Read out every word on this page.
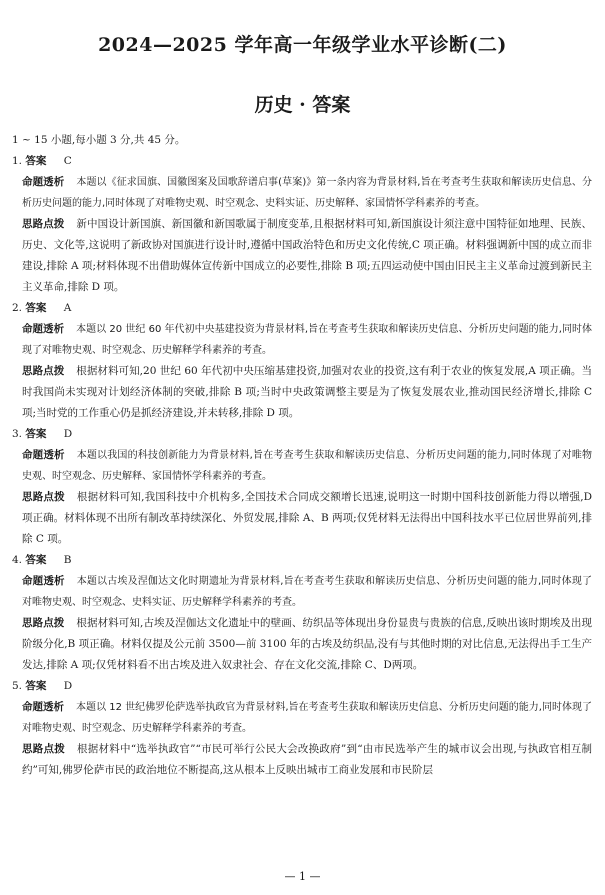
2024—2025 学年高一年级学业水平诊断(二)
历史 · 答案

1 ~ 15 小题,每小题 3 分,共 45 分。

1. 答案 C

命题透析 本题以《征求国旗、国徽图案及国歌辞谱启事(草案)》第一条内容为背景材料,旨在考查考生获取和解读历史信息、分析历史问题的能力,同时体现了对唯物史观、时空观念、史料实证、历史解释、家国情怀学科素养的考查。

思路点拨 新中国设计新国旗、新国徽和新国歌属于制度变革,且根据材料可知,新国旗设计须注意中国特征如地理、民族、历史、文化等,这说明了新政协对国旗进行设计时,遵循中国政治特色和历史文化传统,C 项正确。材料强调新中国的成立而非建设,排除 A 项;材料体现不出借助媒体宣传新中国成立的必要性,排除 B 项;五四运动使中国由旧民主主义革命过渡到新民主主义革命,排除 D 项。

2. 答案 A

命题透析 本题以 20 世纪 60 年代初中央基建投资为背景材料,旨在考查考生获取和解读历史信息、分析历史问题的能力,同时体现了对唯物史观、时空观念、历史解释学科素养的考查。

思路点拨 根据材料可知,20 世纪 60 年代初中央压缩基建投资,加强对农业的投资,这有利于农业的恢复发展,A 项正确。当时我国尚未实现对计划经济体制的突破,排除 B 项;当时中央政策调整主要是为了恢复发展农业,推动国民经济增长,排除 C 项;当时党的工作重心仍是抓经济建设,并未转移,排除 D 项。

3. 答案 D

命题透析 本题以我国的科技创新能力为背景材料,旨在考查考生获取和解读历史信息、分析历史问题的能力,同时体现了对唯物史观、时空观念、历史解释、家国情怀学科素养的考查。

思路点拨 根据材料可知,我国科技中介机构多,全国技术合同成交额增长迅速,说明这一时期中国科技创新能力得以增强,D 项正确。材料体现不出所有制改革持续深化、外贸发展,排除 A、B 两项;仅凭材料无法得出中国科技水平已位居世界前列,排除 C 项。

4. 答案 B

命题透析 本题以古埃及涅伽达文化时期遗址为背景材料,旨在考查考生获取和解读历史信息、分析历史问题的能力,同时体现了对唯物史观、时空观念、史料实证、历史解释学科素养的考查。

思路点拨 根据材料可知,古埃及涅伽达文化遗址中的壁画、纺织品等体现出身份显贵与贵族的信息,反映出该时期埃及出现阶级分化,B 项正确。材料仅提及公元前 3500—前 3100 年的古埃及纺织品,没有与其他时期的对比信息,无法得出手工生产发达,排除 A 项;仅凭材料看不出古埃及进入奴隶社会、存在文化交流,排除 C、D两项。

5. 答案 D

命题透析 本题以 12 世纪佛罗伦萨选举执政官为背景材料,旨在考查考生获取和解读历史信息、分析历史问题的能力,同时体现了对唯物史观、时空观念、历史解释学科素养的考查。

思路点拨 根据材料中“选举执政官”“市民可举行公民大会改换政府”到“由市民选举产生的城市议会出现,与执政官相互制约”可知,佛罗伦萨市民的政治地位不断提高,这从根本上反映出城市工商业发展和市民阶层

— 1 —
